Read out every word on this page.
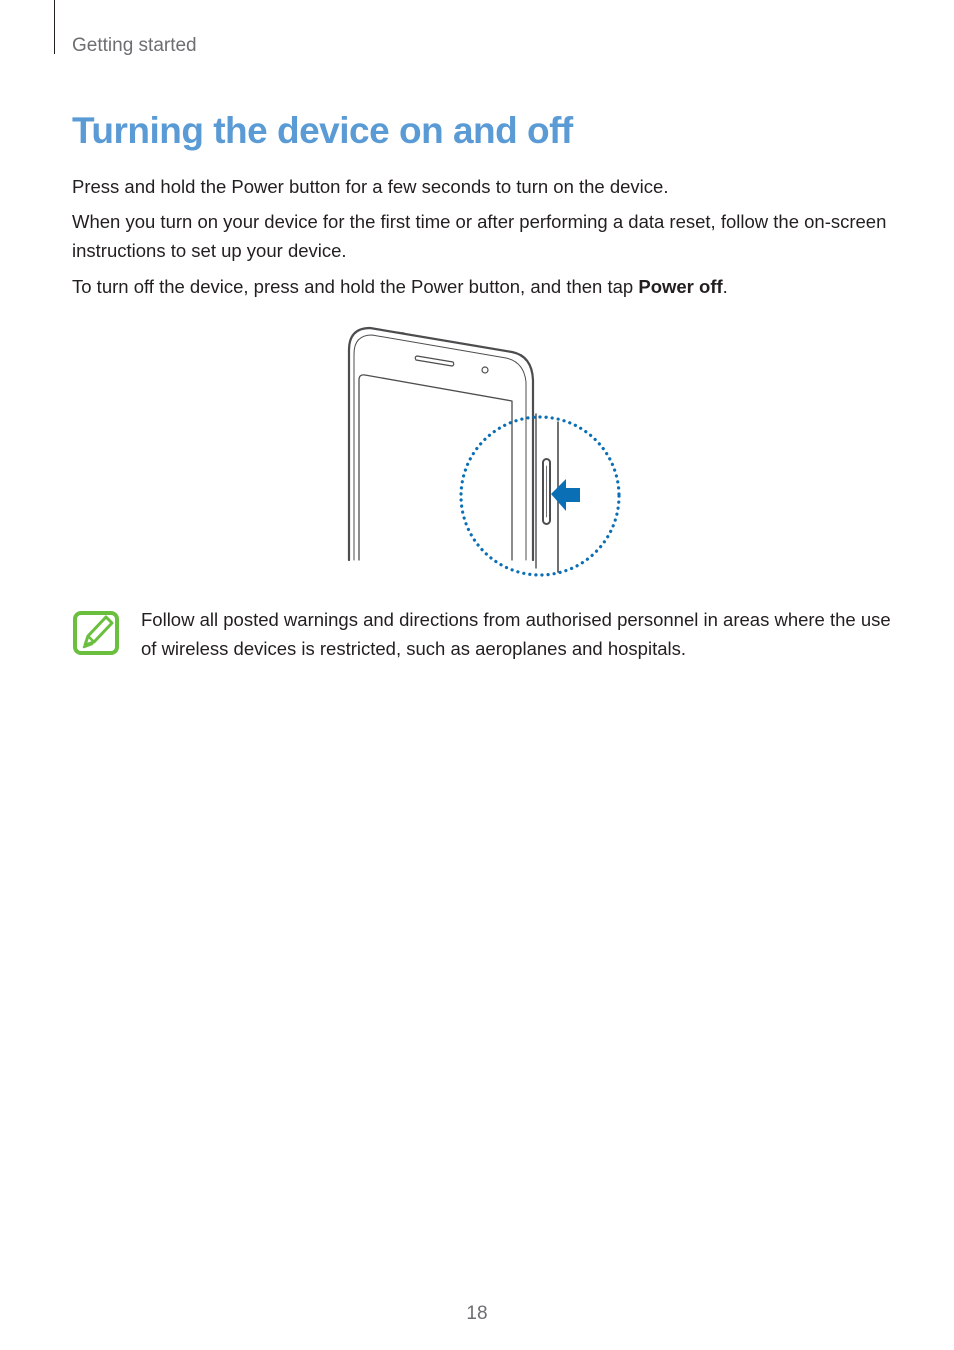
Getting started
Turning the device on and off

Press and hold the Power button for a few seconds to turn on the device.

When you turn on your device for the first time or after performing a data reset, follow the on-screen instructions to set up your device.

To turn off the device, press and hold the Power button, and then tap Power off.

Follow all posted warnings and directions from authorised personnel in areas where the use of wireless devices is restricted, such as aeroplanes and hospitals.

18
